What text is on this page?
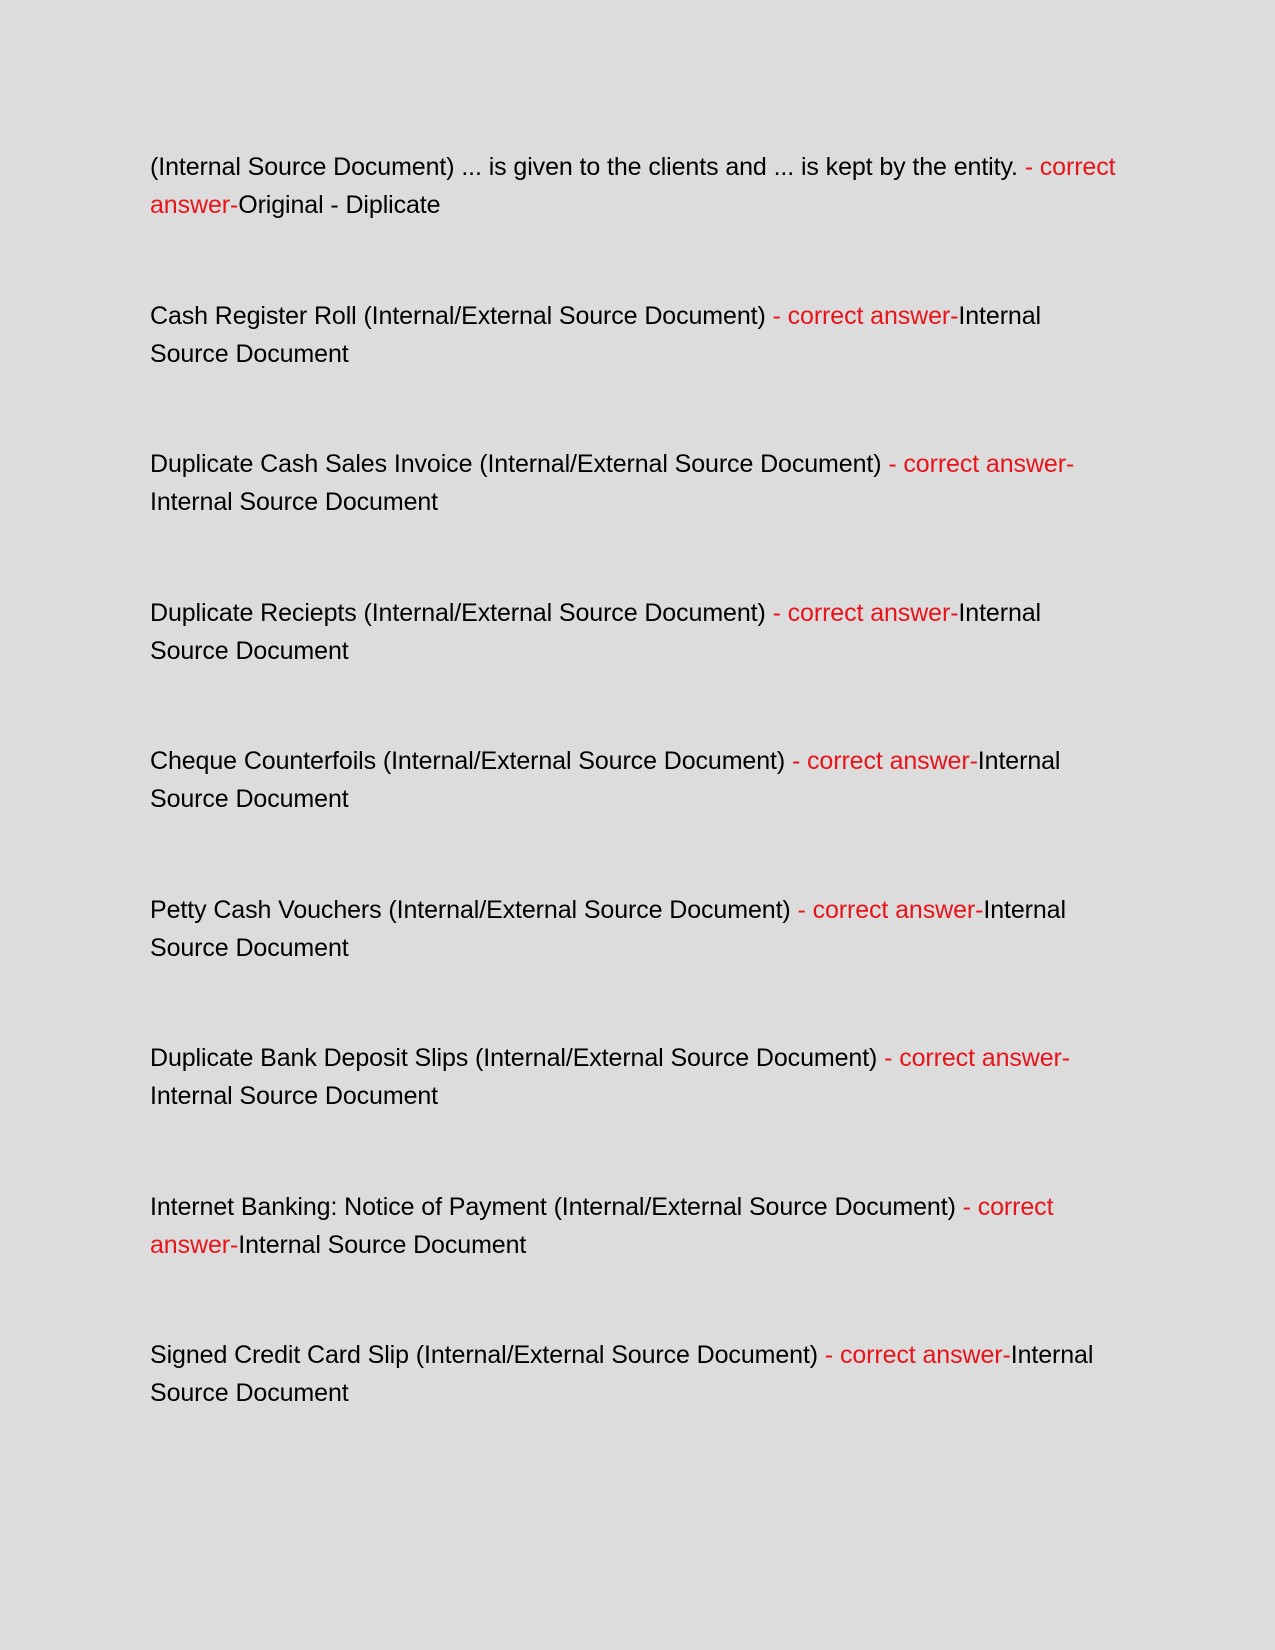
(Internal Source Document) ... is given to the clients and ... is kept by the entity. - correct answer-Original - Diplicate

Cash Register Roll (Internal/External Source Document) - correct answer-Internal Source Document

Duplicate Cash Sales Invoice (Internal/External Source Document) - correct answer-Internal Source Document

Duplicate Reciepts (Internal/External Source Document) - correct answer-Internal Source Document

Cheque Counterfoils (Internal/External Source Document) - correct answer-Internal Source Document

Petty Cash Vouchers (Internal/External Source Document) - correct answer-Internal Source Document

Duplicate Bank Deposit Slips (Internal/External Source Document) - correct answer-Internal Source Document

Internet Banking: Notice of Payment (Internal/External Source Document) - correct answer-Internal Source Document

Signed Credit Card Slip (Internal/External Source Document) - correct answer-Internal Source Document
